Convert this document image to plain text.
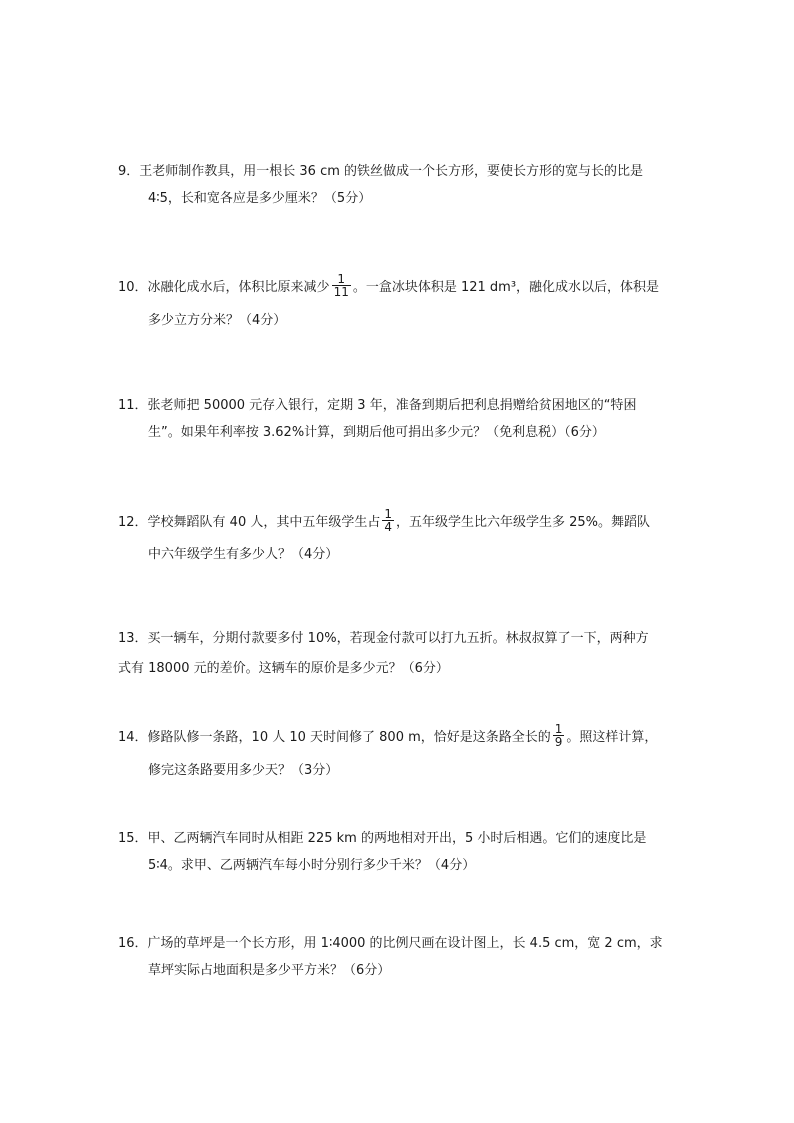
9．王老师制作教具，用一根长 36 cm 的铁丝做成一个长方形，要使长方形的宽与长的比是
4∶5，长和宽各应是多少厘米？（5分）
10．冰融化成水后，体积比原来减少 $\frac{1}{11}$ 。一盒冰块体积是 121 dm³，融化成水以后，体积是
多少立方分米？（4分）
11．张老师把 50000 元存入银行，定期 3 年，准备到期后把利息捐赠给贫困地区的“特困
生”。如果年利率按 3.62%计算，到期后他可捐出多少元？（免利息税）（6分）
12．学校舞蹈队有 40 人，其中五年级学生占 $\frac{1}{4}$ ，五年级学生比六年级学生多 25%。舞蹈队
中六年级学生有多少人？（4分）
13．买一辆车，分期付款要多付 10%，若现金付款可以打九五折。林叔叔算了一下，两种方
式有 18000 元的差价。这辆车的原价是多少元？（6分）
14．修路队修一条路，10 人 10 天时间修了 800 m，恰好是这条路全长的 $\frac{1}{9}$ 。照这样计算，
修完这条路要用多少天？（3分）
15．甲、乙两辆汽车同时从相距 225 km 的两地相对开出，5 小时后相遇。它们的速度比是
5∶4。求甲、乙两辆汽车每小时分别行多少千米？（4分）
16．广场的草坪是一个长方形，用 1∶4000 的比例尺画在设计图上，长 4.5 cm，宽 2 cm，求
草坪实际占地面积是多少平方米？（6分）
